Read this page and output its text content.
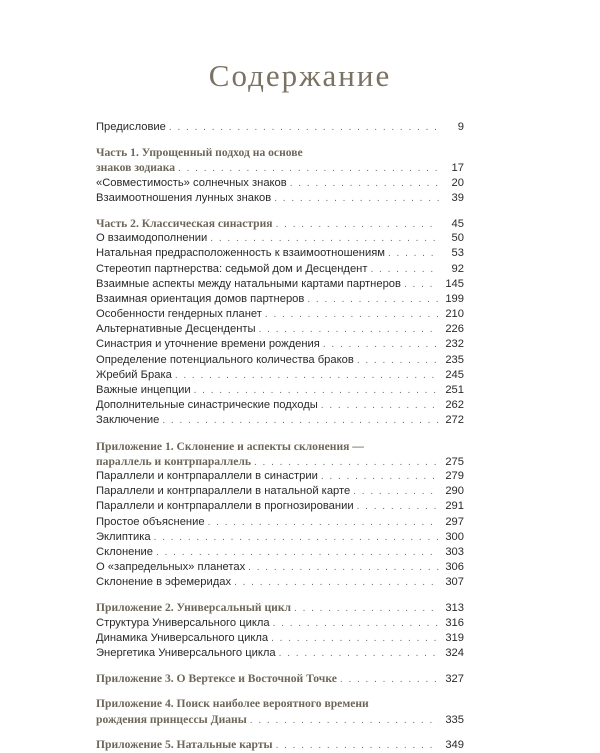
Содержание
Предисловие . . .	9
Часть 1. Упрощенный подход на основе
знаков зодиака . . .	17
«Совместимость» солнечных знаков . . .	20
Взаимоотношения лунных знаков . . .	39
Часть 2. Классическая синастрия . . .	45
О взаимодополнении . . .	50
Натальная предрасположенность к взаимоотношениям . . .	53
Стереотип партнерства: седьмой дом и Десцендент . . .	92
Взаимные аспекты между натальными картами партнеров . . .	145
Взаимная ориентация домов партнеров . . .	199
Особенности гендерных планет . . .	210
Альтернативные Десценденты . . .	226
Синастрия и уточнение времени рождения . . .	232
Определение потенциального количества браков . . .	235
Жребий Брака . . .	245
Важные инцепции . . .	251
Дополнительные синастрические подходы . . .	262
Заключение . . .	272
Приложение 1. Склонение и аспекты склонения —
параллель и контрпараллель . . .	275
Параллели и контрпараллели в синастрии . . .	279
Параллели и контрпараллели в натальной карте . . .	290
Параллели и контрпараллели в прогнозировании . . .	291
Простое объяснение . . .	297
Эклиптика . . .	300
Склонение . . .	303
О «запредельных» планетах . . .	306
Склонение в эфемеридах . . .	307
Приложение 2. Универсальный цикл . . .	313
Структура Универсального цикла . . .	316
Динамика Универсального цикла . . .	319
Энергетика Универсального цикла . . .	324
Приложение 3. О Вертексе и Восточной Точке . . .	327
Приложение 4. Поиск наиболее вероятного времени
рождения принцессы Дианы . . .	335
Приложение 5. Натальные карты . . .	349
